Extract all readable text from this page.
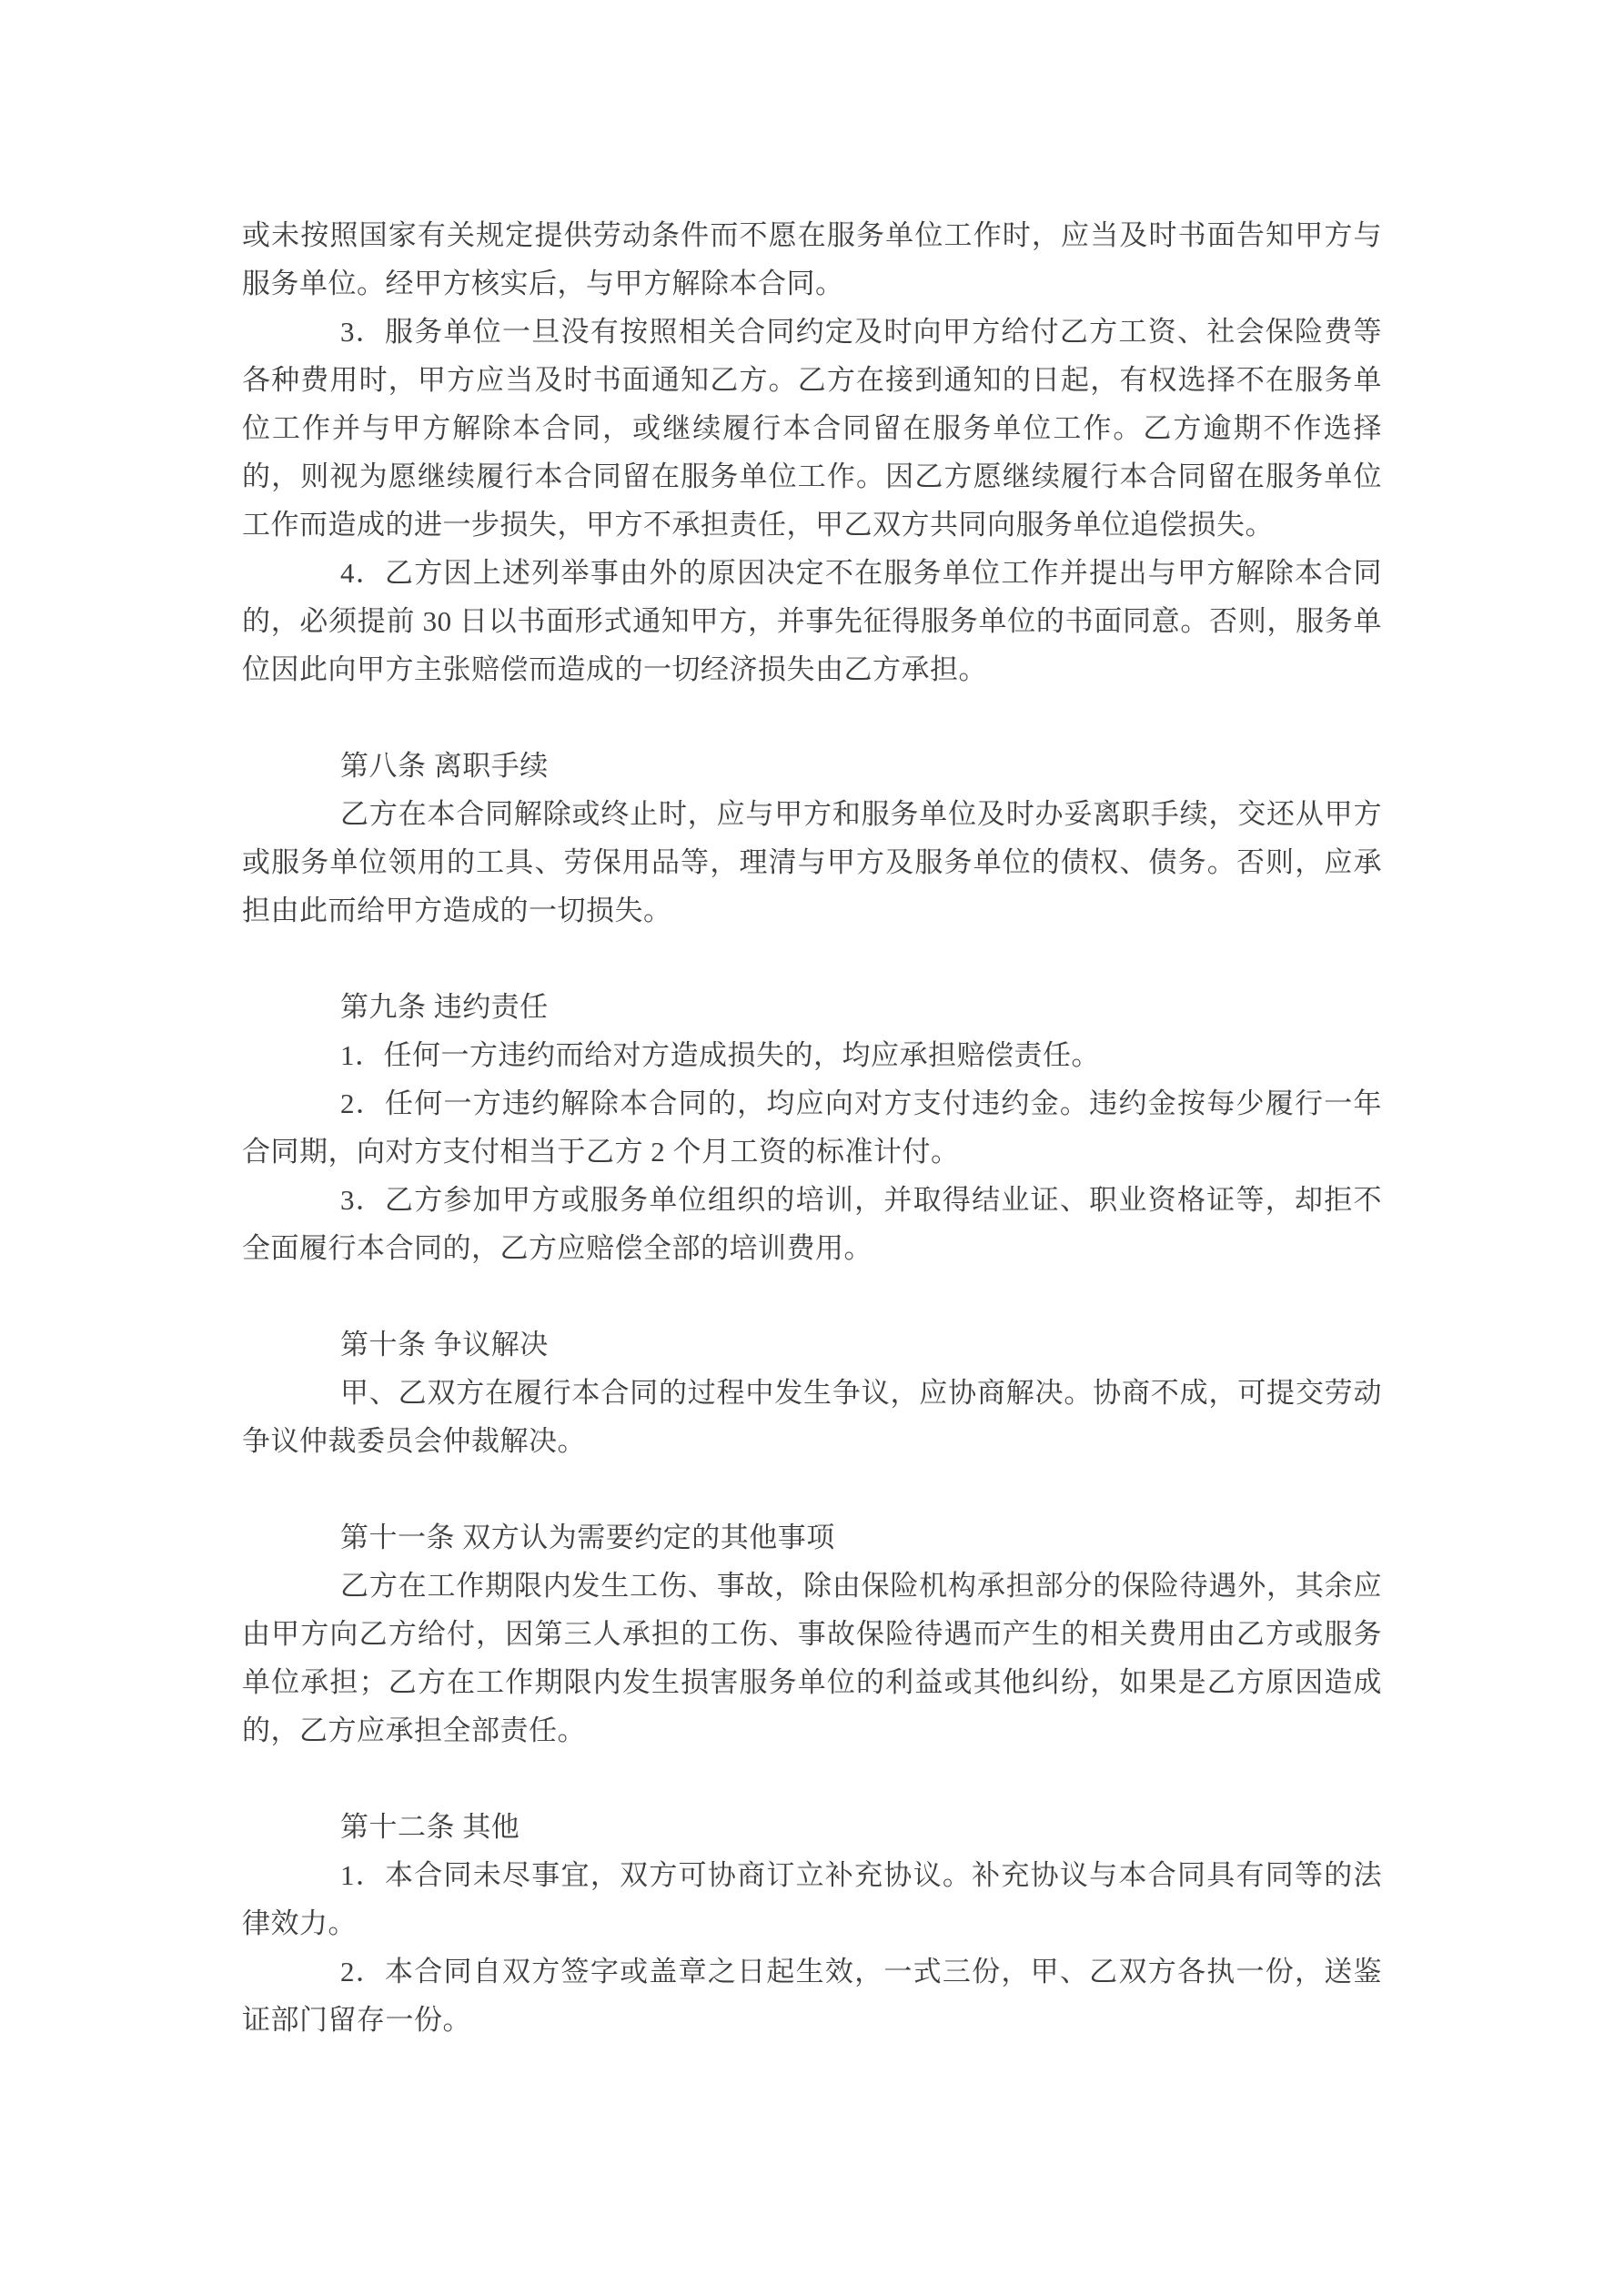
或未按照国家有关规定提供劳动条件而不愿在服务单位工作时，应当及时书面告知甲方与服务单位。经甲方核实后，与甲方解除本合同。

3．服务单位一旦没有按照相关合同约定及时向甲方给付乙方工资、社会保险费等各种费用时，甲方应当及时书面通知乙方。乙方在接到通知的日起，有权选择不在服务单位工作并与甲方解除本合同，或继续履行本合同留在服务单位工作。乙方逾期不作选择的，则视为愿继续履行本合同留在服务单位工作。因乙方愿继续履行本合同留在服务单位工作而造成的进一步损失，甲方不承担责任，甲乙双方共同向服务单位追偿损失。

4．乙方因上述列举事由外的原因决定不在服务单位工作并提出与甲方解除本合同的，必须提前 30 日以书面形式通知甲方，并事先征得服务单位的书面同意。否则，服务单位因此向甲方主张赔偿而造成的一切经济损失由乙方承担。

第八条 离职手续

乙方在本合同解除或终止时，应与甲方和服务单位及时办妥离职手续，交还从甲方或服务单位领用的工具、劳保用品等，理清与甲方及服务单位的债权、债务。否则，应承担由此而给甲方造成的一切损失。

第九条 违约责任

1．任何一方违约而给对方造成损失的，均应承担赔偿责任。

2．任何一方违约解除本合同的，均应向对方支付违约金。违约金按每少履行一年合同期，向对方支付相当于乙方 2 个月工资的标准计付。

3．乙方参加甲方或服务单位组织的培训，并取得结业证、职业资格证等，却拒不全面履行本合同的，乙方应赔偿全部的培训费用。

第十条 争议解决

甲、乙双方在履行本合同的过程中发生争议，应协商解决。协商不成，可提交劳动争议仲裁委员会仲裁解决。

第十一条 双方认为需要约定的其他事项

乙方在工作期限内发生工伤、事故，除由保险机构承担部分的保险待遇外，其余应由甲方向乙方给付，因第三人承担的工伤、事故保险待遇而产生的相关费用由乙方或服务单位承担；乙方在工作期限内发生损害服务单位的利益或其他纠纷，如果是乙方原因造成的，乙方应承担全部责任。

第十二条 其他

1．本合同未尽事宜，双方可协商订立补充协议。补充协议与本合同具有同等的法律效力。

2．本合同自双方签字或盖章之日起生效，一式三份，甲、乙双方各执一份，送鉴证部门留存一份。
